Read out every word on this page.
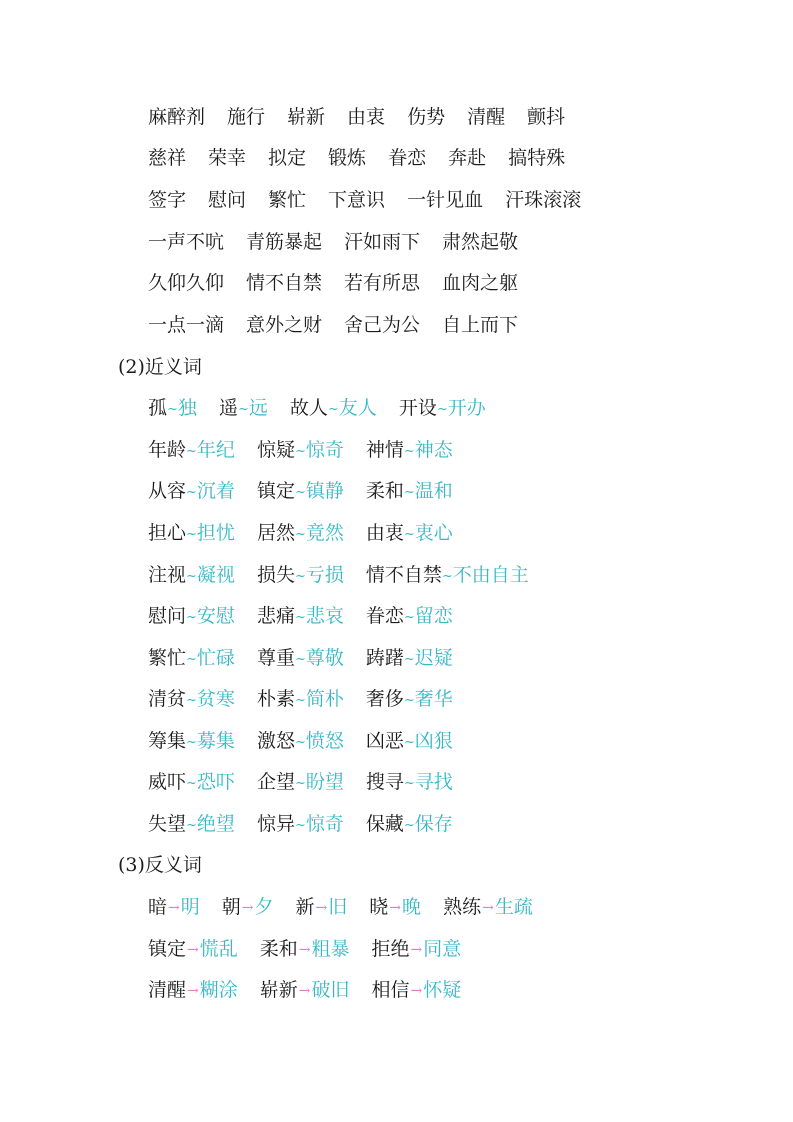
(2)近义词
(3)反义词
麻醉剂 施行 崭新 由衷 伤势 清醒 颤抖
慈祥 荣幸 拟定 锻炼 眷恋 奔赴 搞特殊
签字 慰问 繁忙 下意识 一针见血 汗珠滚滚
一声不吭 青筋暴起 汗如雨下 肃然起敬
久仰久仰 情不自禁 若有所思 血肉之躯
一点一滴 意外之财 舍己为公 自上而下
孤~独 遥~远 故人~友人 开设~开办
年龄~年纪 惊疑~惊奇 神情~神态
从容~沉着 镇定~镇静 柔和~温和
担心~担忧 居然~竟然 由衷~衷心
注视~凝视 损失~亏损 情不自禁~不由自主
慰问~安慰 悲痛~悲哀 眷恋~留恋
繁忙~忙碌 尊重~尊敬 踌躇~迟疑
清贫~贫寒 朴素~简朴 奢侈~奢华
筹集~募集 激怒~愤怒 凶恶~凶狠
威吓~恐吓 企望~盼望 搜寻~寻找
失望~绝望 惊异~惊奇 保藏~保存
暗→明 朝→夕 新→旧 晓→晚 熟练→生疏
镇定→慌乱 柔和→粗暴 拒绝→同意
清醒→糊涂 崭新→破旧 相信→怀疑
